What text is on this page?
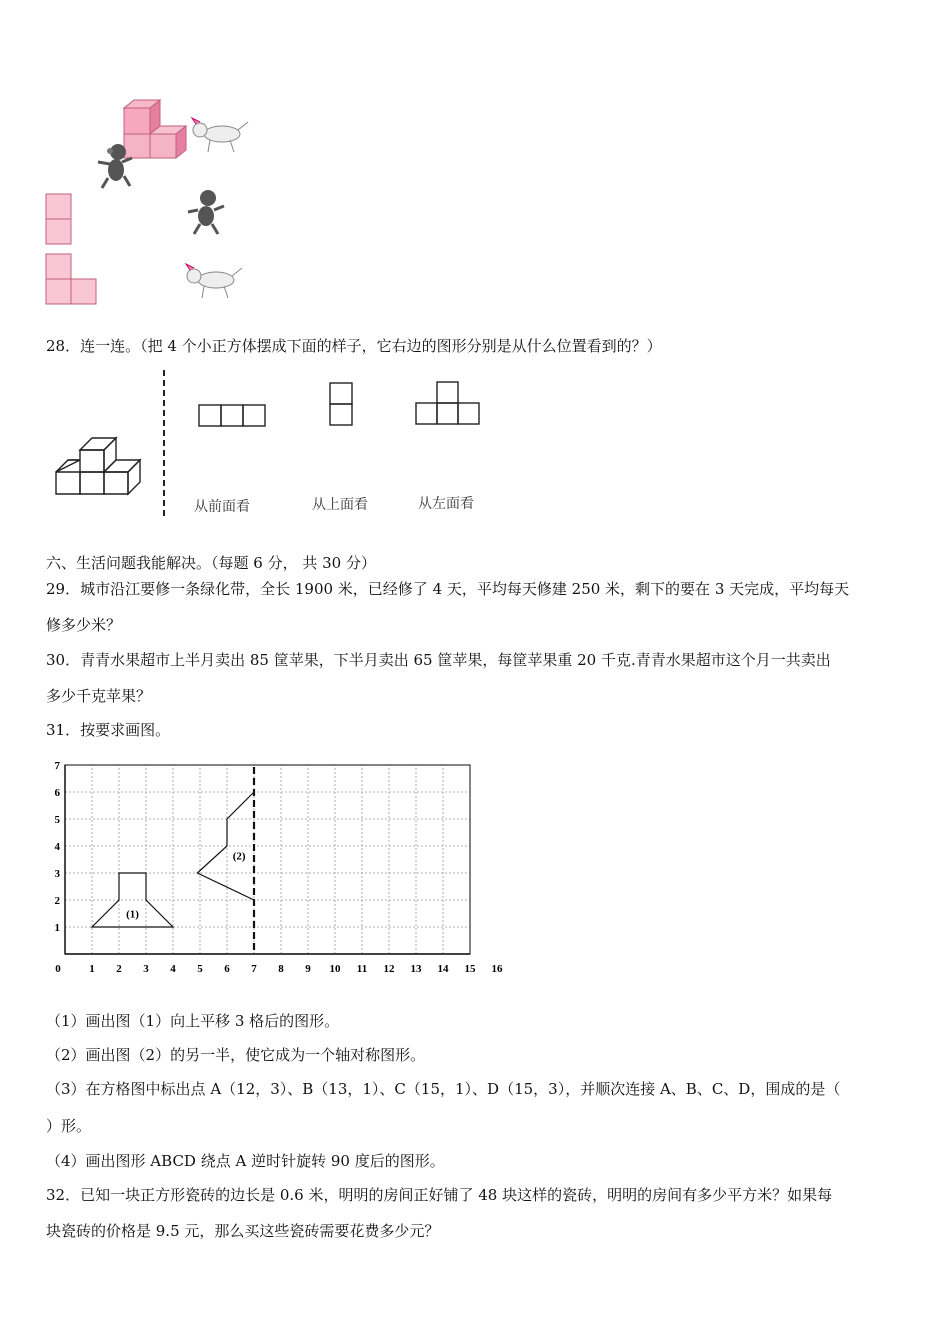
28．连一连。（把 4 个小正方体摆成下面的样子，它右边的图形分别是从什么位置看到的？）
从前面看	从上面看	从左面看
六、生活问题我能解决。（每题 6 分， 共 30 分）
29．城市沿江要修一条绿化带，全长 1900 米，已经修了 4 天，平均每天修建 250 米，剩下的要在 3 天完成，平均每天
修多少米？
30．青青水果超市上半月卖出 85 筐苹果，下半月卖出 65 筐苹果，每筐苹果重 20 千克.青青水果超市这个月一共卖出
多少千克苹果？
31．按要求画图。
0	1 2 3 4 5 6 7 8 9 10 11 12 13 14 15 16
1
2
3
4
5
6
7
(1)
(2)
（1）画出图（1）向上平移 3 格后的图形。
（2）画出图（2）的另一半，使它成为一个轴对称图形。
（3）在方格图中标出点 A（12，3）、B（13，1）、C（15，1）、D（15，3），并顺次连接 A、B、C、D，围成的是（
）形。
（4）画出图形 ABCD 绕点 A 逆时针旋转 90 度后的图形。
32．已知一块正方形瓷砖的边长是 0.6 米，明明的房间正好铺了 48 块这样的瓷砖，明明的房间有多少平方米？如果每
块瓷砖的价格是 9.5 元，那么买这些瓷砖需要花费多少元？
